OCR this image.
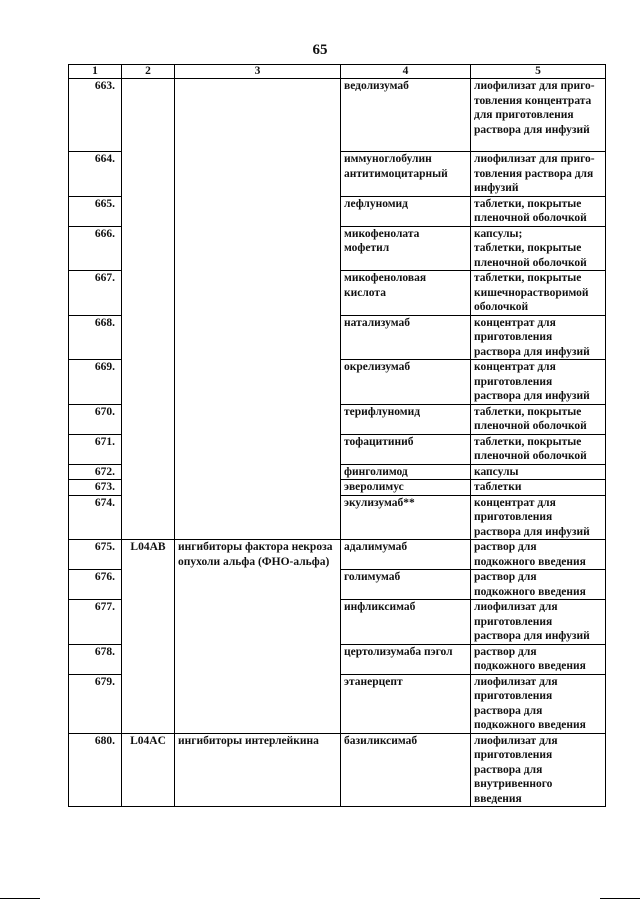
65
1	2	3	4	5
663.			ведолизумаб	лиофилизат для приго-
товления концентрата
для приготовления
раствора для инфузий
664.			иммуноглобулин
антитимоцитарный	лиофилизат для приго-
товления раствора для
инфузий
665.			лефлуномид	таблетки, покрытые
пленочной оболочкой
666.			микофенолата
мофетил	капсулы;
таблетки, покрытые
пленочной оболочкой
667.			микофеноловая
кислота	таблетки, покрытые
кишечнорастворимой
оболочкой
668.			натализумаб	концентрат для
приготовления
раствора для инфузий
669.			окрелизумаб	концентрат для
приготовления
раствора для инфузий
670.			терифлуномид	таблетки, покрытые
пленочной оболочкой
671.			тофацитиниб	таблетки, покрытые
пленочной оболочкой
672.			финголимод	капсулы
673.			эверолимус	таблетки
674.			экулизумаб**	концентрат для
приготовления
раствора для инфузий
675.	L04AB	ингибиторы фактора некроза опухоли альфа (ФНО-альфа)	адалимумаб	раствор для
подкожного введения
676.			голимумаб	раствор для
подкожного введения
677.			инфликсимаб	лиофилизат для
приготовления
раствора для инфузий
678.			цертолизумаба пэгол	раствор для
подкожного введения
679.			этанерцепт	лиофилизат для
приготовления
раствора для
подкожного введения
680.	L04AC	ингибиторы интерлейкина	базиликсимаб	лиофилизат для
приготовления
раствора для
внутривенного
введения
